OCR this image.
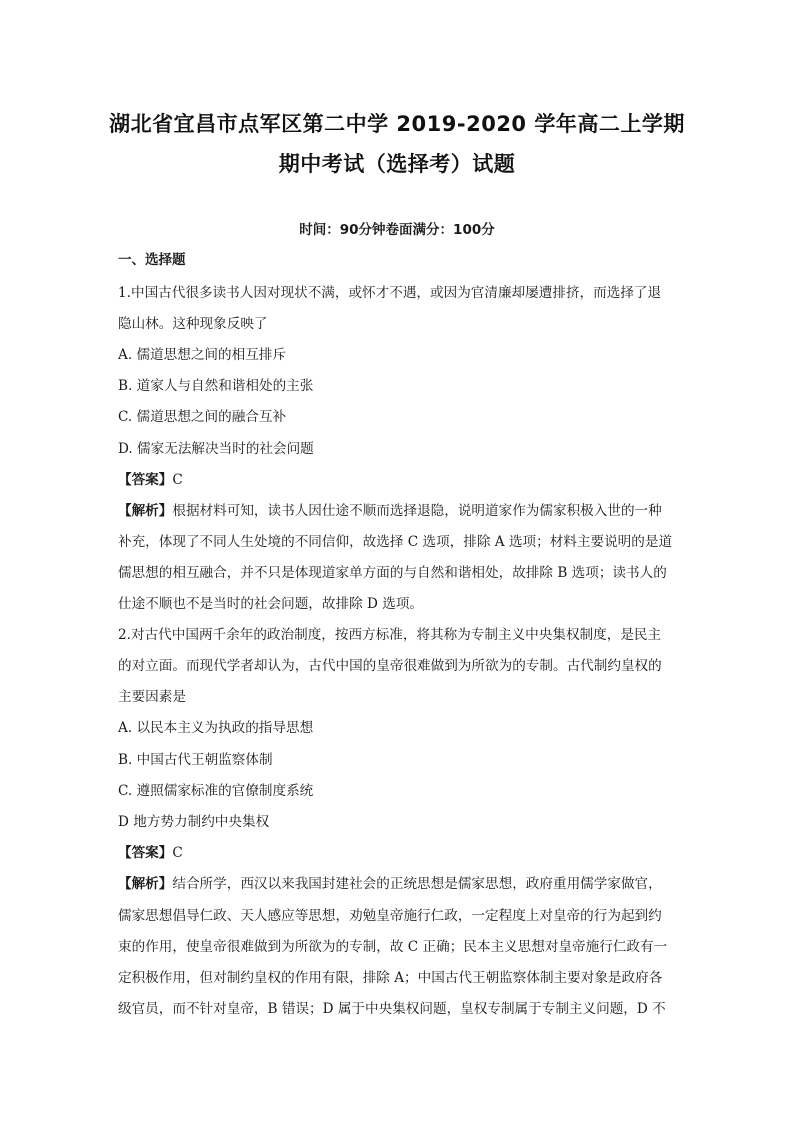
湖北省宜昌市点军区第二中学 2019-2020 学年高二上学期
期中考试（选择考）试题
时间：90分钟卷面满分：100分
一、选择题
1.中国古代很多读书人因对现状不满，或怀才不遇，或因为官清廉却屡遭排挤，而选择了退
隐山林。这种现象反映了
A. 儒道思想之间的相互排斥
B. 道家人与自然和谐相处的主张
C. 儒道思想之间的融合互补
D. 儒家无法解决当时的社会问题
【答案】C
【解析】根据材料可知，读书人因仕途不顺而选择退隐，说明道家作为儒家积极入世的一种
补充，体现了不同人生处境的不同信仰，故选择 C 选项，排除 A 选项；材料主要说明的是道
儒思想的相互融合，并不只是体现道家单方面的与自然和谐相处，故排除 B 选项；读书人的
仕途不顺也不是当时的社会问题，故排除 D 选项。
2.对古代中国两千余年的政治制度，按西方标准，将其称为专制主义中央集权制度，是民主
的对立面。而现代学者却认为，古代中国的皇帝很难做到为所欲为的专制。古代制约皇权的
主要因素是
A. 以民本主义为执政的指导思想
B. 中国古代王朝监察体制
C. 遵照儒家标准的官僚制度系统
D 地方势力制约中央集权
【答案】C
【解析】结合所学，西汉以来我国封建社会的正统思想是儒家思想，政府重用儒学家做官，
儒家思想倡导仁政、天人感应等思想，劝勉皇帝施行仁政，一定程度上对皇帝的行为起到约
束的作用，使皇帝很难做到为所欲为的专制，故 C 正确；民本主义思想对皇帝施行仁政有一
定积极作用，但对制约皇权的作用有限，排除 A；中国古代王朝监察体制主要对象是政府各
级官员，而不针对皇帝，B 错误；D 属于中央集权问题，皇权专制属于专制主义问题，D 不
